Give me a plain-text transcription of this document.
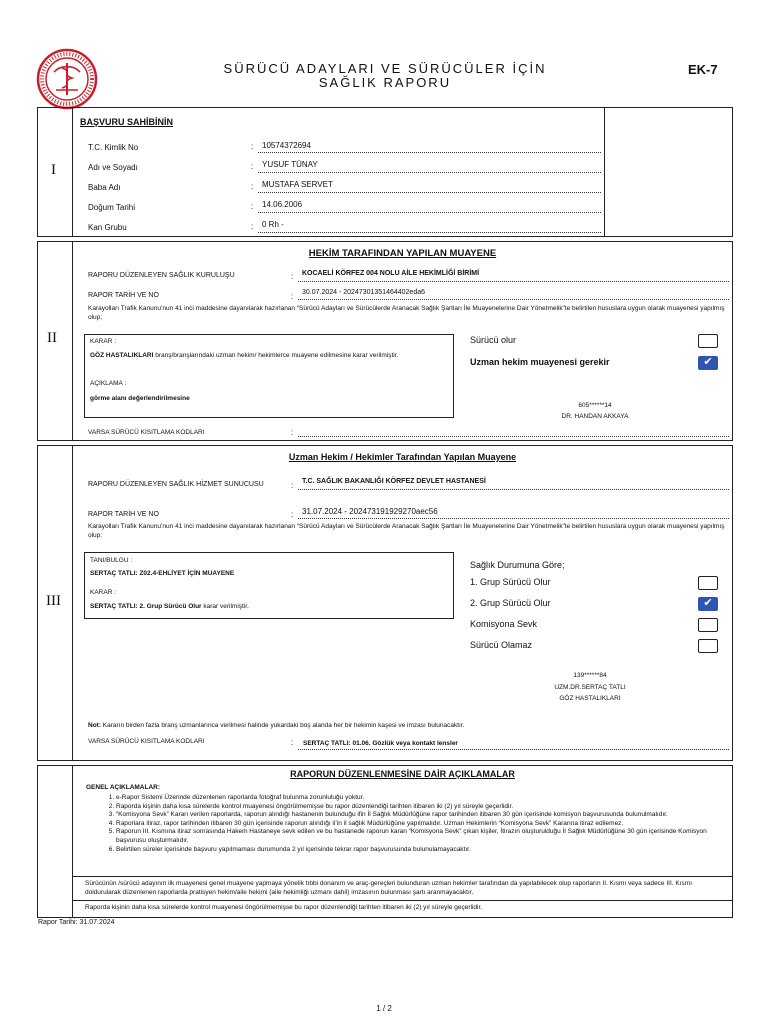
SÜRÜCÜ ADAYLARI VE SÜRÜCÜLER İÇİN
SAĞLIK RAPORU
EK-7
I
BAŞVURU SAHİBİNİN
T.C. Kimlik No	: 10574372694
Adı ve Soyadı	: YUSUF TÜNAY
Baba Adı	: MUSTAFA SERVET
Doğum Tarihi	: 14.06.2006
Kan Grubu	: 0 Rh -
II
HEKİM TARAFINDAN YAPILAN MUAYENE
RAPORU DÜZENLEYEN SAĞLIK KURULUŞU	: KOCAELİ KÖRFEZ 004 NOLU AİLE HEKİMLİĞİ BİRİMİ
RAPOR TARİH VE NO	: 30.07.2024 - 20247301351464402eda6
Karayolları Trafik Kanunu’nun 41 inci maddesine dayanılarak hazırlanan “Sürücü Adayları ve Sürücülerde Aranacak Sağlık Şartları İle Muayenelerine Dair Yönetmelik”te belirtilen hususlara uygun olarak muayenesi yapılmış olup;
KARAR :
GÖZ HASTALIKLARI branş/branşlarındaki uzman hekim/ hekimlerce muayene edilmesine karar verilmiştir.
AÇIKLAMA :
görme alanı değerlendirilmesine
Sürücü olur
Uzman hekim muayenesi gerekir	✔
605******14
DR. HANDAN AKKAYA
VARSA SÜRÜCÜ KISITLAMA KODLARI	:
III
Uzman Hekim / Hekimler Tarafından Yapılan Muayene
RAPORU DÜZENLEYEN SAĞLIK HİZMET SUNUCUSU	: T.C. SAĞLIK BAKANLIĞI KÖRFEZ DEVLET HASTANESİ
RAPOR TARİH VE NO	: 31.07.2024 - 202473191929270aec56
Karayolları Trafik Kanunu’nun 41 inci maddesine dayanılarak hazırlanan “Sürücü Adayları ve Sürücülerde Aranacak Sağlık Şartları İle Muayenelerine Dair Yönetmelik”te belirtilen hususlara uygun olarak muayenesi yapılmış olup;
TANI/BULGU :
SERTAÇ TATLI: Z02.4-EHLİYET İÇİN MUAYENE
KARAR :
SERTAÇ TATLI: 2. Grup Sürücü Olur karar verilmiştir.
Sağlık Durumuna Göre;
1. Grup Sürücü Olur
2. Grup Sürücü Olur	✔
Komisyona Sevk
Sürücü Olamaz
139******84
UZM.DR.SERTAÇ TATLI
GÖZ HASTALIKLARI
Not: Kararın birden fazla branş uzmanlarınca verilmesi halinde yukardaki boş alanda her bir hekimin kaşesi ve imzası bulunacaktır.
VARSA SÜRÜCÜ KISITLAMA KODLARI	: SERTAÇ TATLI: 01.06. Gözlük veya kontakt lensler
RAPORUN DÜZENLENMESİNE DAİR AÇIKLAMALAR
GENEL AÇIKLAMALAR:
1. e-Rapor Sistemi Üzerinde düzenlenen raporlarda fotoğraf bulunma zorunluluğu yoktur.
2. Raporda kişinin daha kısa sürelerde kontrol muayenesi öngörülmemişse bu rapor düzenlendiği tarihten itibaren iki (2) yıl süreyle geçerlidir.
3. “Komisyona Sevk” Kararı verilen raporlarda, raporun alındığı hastanenin bulunduğu ifin İl Sağlık Müdürlüğüne rapor tarihinden itibaren 30 gün içerisinde komisyon başvurusunda bulunulmalıdır.
4. Raporlara itiraz, rapor tarihinden itibaren 30 gün içerisinde raporun alındığı il’in il sağlık Müdürlüğüne yapılmalıdır. Uzman Hekimlerin “Komisyona Sevk” Kararına itiraz edilemez.
5. Raporun III. Kısmına itiraz sonrasında Hakem Hastaneye sevk edilen ve bu hastanede raporun karan “Komisyona Sevk” çıkan kişiler, İtirazın oluşturulduğu İl Sağlık Müdürlüğüne 30 gün içerisinde Komisyon başvurusu oluşturmalıdır.
6. Belirtilen süreler içerisinde başvuru yapılmaması durumunda 2 yıl içerisinde tekrar rapor başvurusunda bulunulamayacaktır.
Sürücünün /sürücü adayının ilk muayenesi genel muayene yapmaya yönelik tıbbi donanım ve araç-gereçleri bulunduran uzman hekimler tarafından da yapılabilecek olup raporların II. Kısmı veya sadece III. Kısmı doldurularak düzenlenen raporlarda pratisyen hekim/aile hekimi (aile hekimliği uzmanı dahil) imzasının bulunması şartı aranmayacaktır.
Raporda kişinin daha kısa sürelerde kontrol muayenesi öngörülmemişse bu rapor düzenlendiği tarihten itibaren iki (2) yıl süreyle geçerlidir.
Rapor Tarihi: 31.07.2024
1 / 2
